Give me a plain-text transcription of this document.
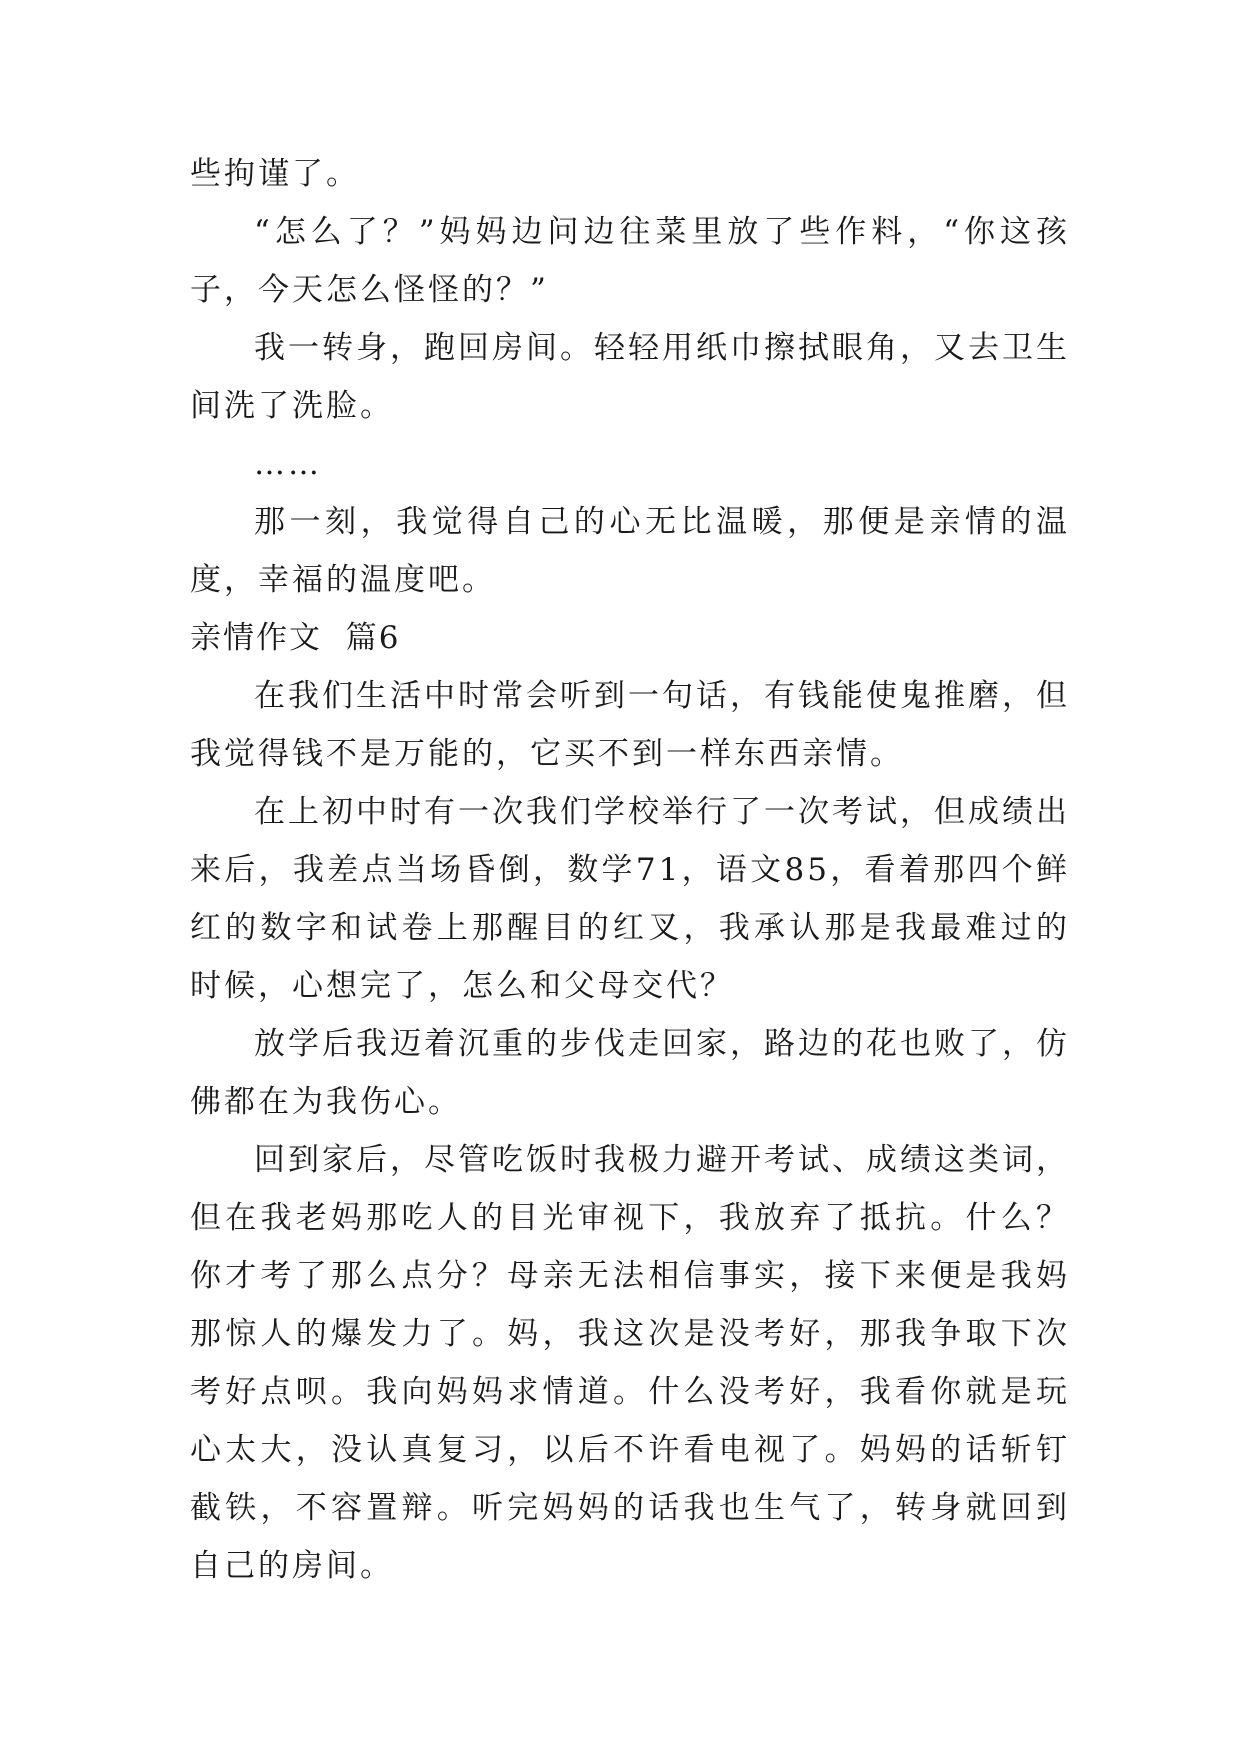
些拘谨了。

“怎么了？”妈妈边问边往菜里放了些作料，“你这孩子，今天怎么怪怪的？”

我一转身，跑回房间。轻轻用纸巾擦拭眼角，又去卫生间洗了洗脸。

……

那一刻，我觉得自己的心无比温暖，那便是亲情的温度，幸福的温度吧。

亲情作文  篇6

在我们生活中时常会听到一句话，有钱能使鬼推磨，但我觉得钱不是万能的，它买不到一样东西亲情。

在上初中时有一次我们学校举行了一次考试，但成绩出来后，我差点当场昏倒，数学71，语文85，看着那四个鲜红的数字和试卷上那醒目的红叉，我承认那是我最难过的时候，心想完了，怎么和父母交代？

放学后我迈着沉重的步伐走回家，路边的花也败了，仿佛都在为我伤心。

回到家后，尽管吃饭时我极力避开考试、成绩这类词，但在我老妈那吃人的目光审视下，我放弃了抵抗。什么？你才考了那么点分？母亲无法相信事实，接下来便是我妈那惊人的爆发力了。妈，我这次是没考好，那我争取下次考好点呗。我向妈妈求情道。什么没考好，我看你就是玩心太大，没认真复习，以后不许看电视了。妈妈的话斩钉截铁，不容置辩。听完妈妈的话我也生气了，转身就回到自己的房间。
